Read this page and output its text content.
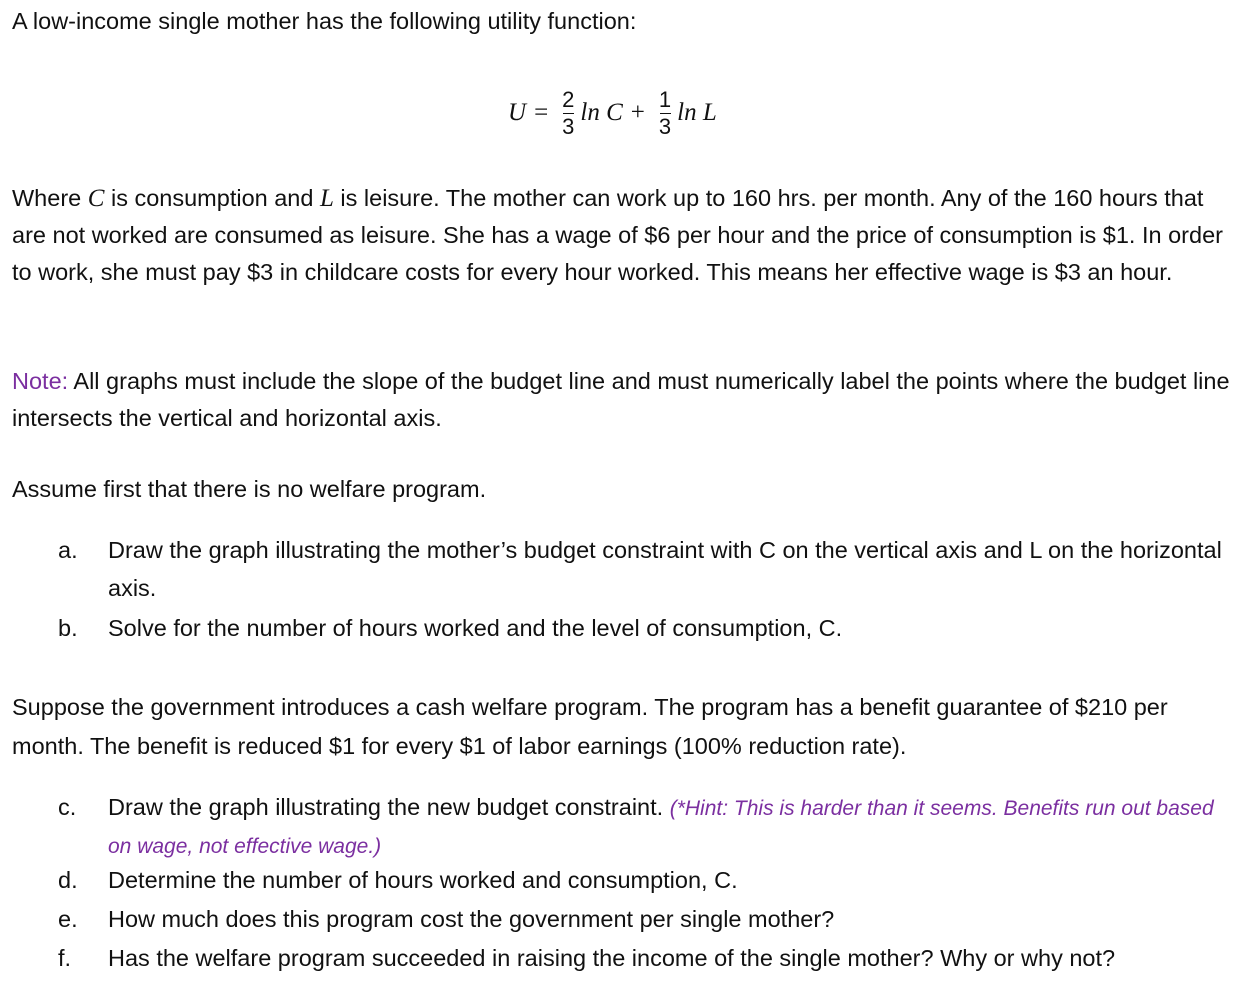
A low-income single mother has the following utility function:
$U = \frac{2}{3}$ $\ln C + \frac{1}{3}$ ln L
Where C is consumption and L is leisure. The mother can work up to 160 hrs. per month. Any of the 160 hours that are not worked are consumed as leisure. She has a wage of $6 per hour and the price of consumption is $1. In order to work, she must pay $3 in childcare costs for every hour worked. This means her effective wage is $3 an hour.
Note: All graphs must include the slope of the budget line and must numerically label the points where the budget line intersects the vertical and horizontal axis.
Assume first that there is no welfare program.
a.	Draw the graph illustrating the mother’s budget constraint with C on the vertical axis and L on the horizontal axis.
b.	Solve for the number of hours worked and the level of consumption, C.
Suppose the government introduces a cash welfare program. The program has a benefit guarantee of $210 per month. The benefit is reduced $1 for every $1 of labor earnings (100% reduction rate).
c.	Draw the graph illustrating the new budget constraint. (*Hint: This is harder than it seems. Benefits run out based on wage, not effective wage.)
d.	Determine the number of hours worked and consumption, C.
e.	How much does this program cost the government per single mother?
f.	Has the welfare program succeeded in raising the income of the single mother? Why or why not?
